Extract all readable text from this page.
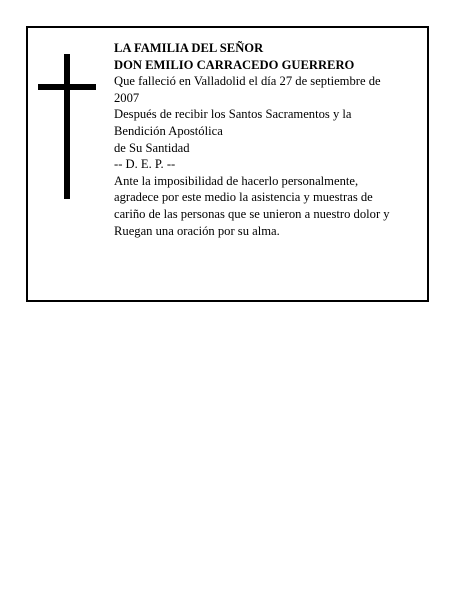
LA FAMILIA DEL SEÑOR
DON EMILIO CARRACEDO GUERRERO
Que falleció en Valladolid el día 27 de septiembre de
2007
Después de recibir los Santos Sacramentos y la
Bendición Apostólica
de Su Santidad
-- D. E. P. --
Ante la imposibilidad de hacerlo personalmente,
agradece por este medio la asistencia y muestras de
cariño de las personas que se unieron a nuestro dolor y
Ruegan una oración por su alma.
